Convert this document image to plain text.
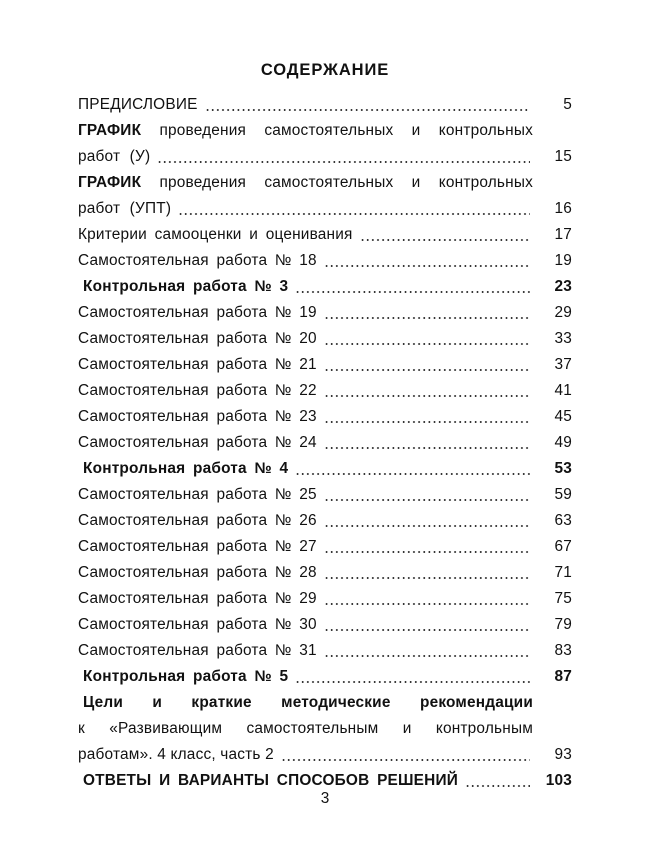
СОДЕРЖАНИЕ
ПРЕДИСЛОВИЕ	5
ГРАФИК проведения самостоятельных и контрольных
работ (У)	15
ГРАФИК проведения самостоятельных и контрольных
работ (УПТ)	16
Критерии самооценки и оценивания	17
Самостоятельная работа № 18	19
Контрольная работа № 3	23
Самостоятельная работа № 19	29
Самостоятельная работа № 20	33
Самостоятельная работа № 21	37
Самостоятельная работа № 22	41
Самостоятельная работа № 23	45
Самостоятельная работа № 24	49
Контрольная работа № 4	53
Самостоятельная работа № 25	59
Самостоятельная работа № 26	63
Самостоятельная работа № 27	67
Самостоятельная работа № 28	71
Самостоятельная работа № 29	75
Самостоятельная работа № 30	79
Самостоятельная работа № 31	83
Контрольная работа № 5	87
Цели и краткие методические рекомендации
к «Развивающим самостоятельным и контрольным
работам». 4 класс, часть 2	93
ОТВЕТЫ И ВАРИАНТЫ СПОСОБОВ РЕШЕНИЙ	103
3
